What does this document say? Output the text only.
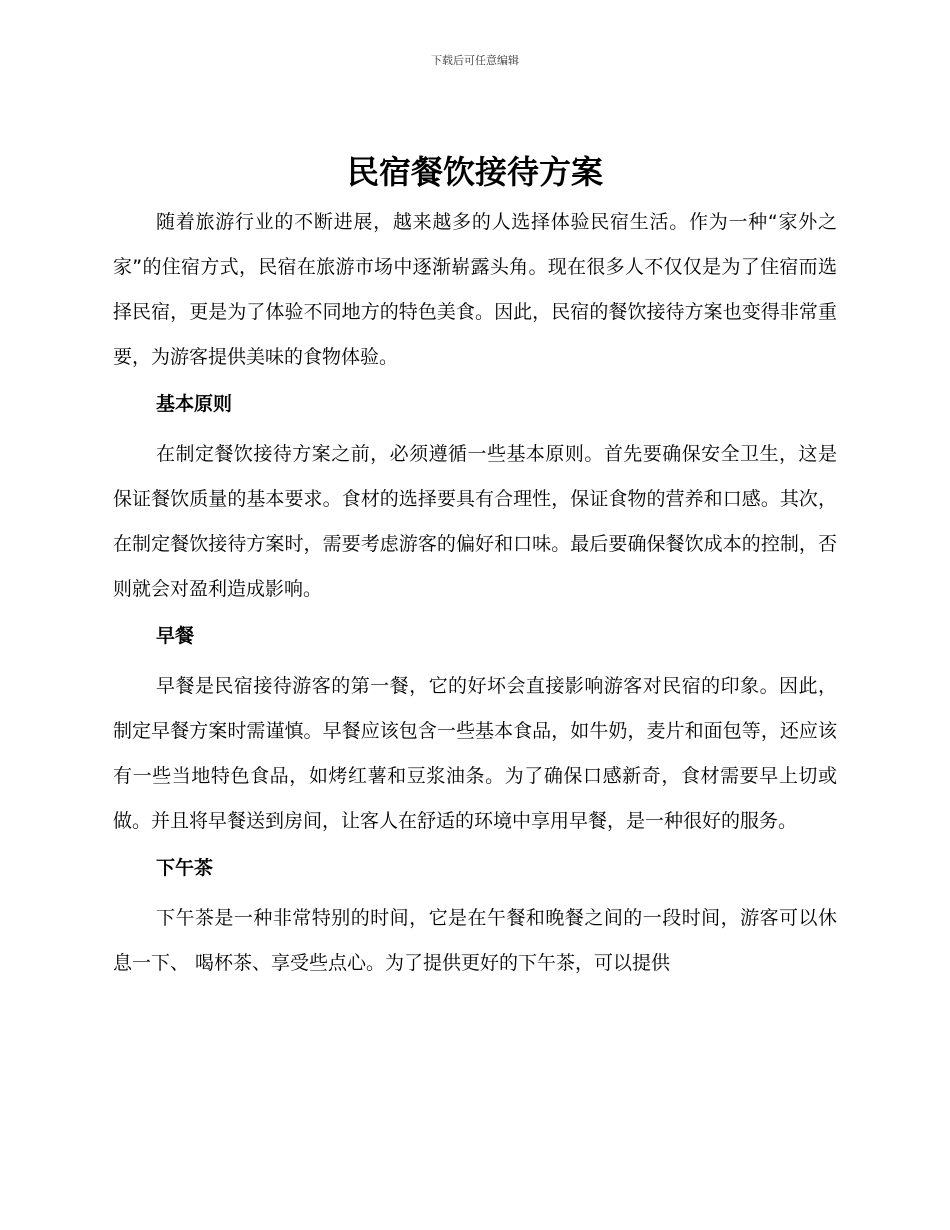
下载后可任意编辑
民宿餐饮接待方案

随着旅游行业的不断进展，越来越多的人选择体验民宿生活。作为一种“家外之家”的住宿方式，民宿在旅游市场中逐渐崭露头角。现在很多人不仅仅是为了住宿而选择民宿，更是为了体验不同地方的特色美食。因此，民宿的餐饮接待方案也变得非常重要，为游客提供美味的食物体验。

基本原则

在制定餐饮接待方案之前，必须遵循一些基本原则。首先要确保安全卫生，这是保证餐饮质量的基本要求。食材的选择要具有合理性，保证食物的营养和口感。其次，在制定餐饮接待方案时，需要考虑游客的偏好和口味。最后要确保餐饮成本的控制，否则就会对盈利造成影响。

早餐

早餐是民宿接待游客的第一餐，它的好坏会直接影响游客对民宿的印象。因此，制定早餐方案时需谨慎。早餐应该包含一些基本食品，如牛奶，麦片和面包等，还应该有一些当地特色食品，如烤红薯和豆浆油条。为了确保口感新奇，食材需要早上切或做。并且将早餐送到房间，让客人在舒适的环境中享用早餐，是一种很好的服务。

下午茶

下午茶是一种非常特别的时间，它是在午餐和晚餐之间的一段时间，游客可以休息一下、 喝杯茶、享受些点心。为了提供更好的下午茶，可以提供
